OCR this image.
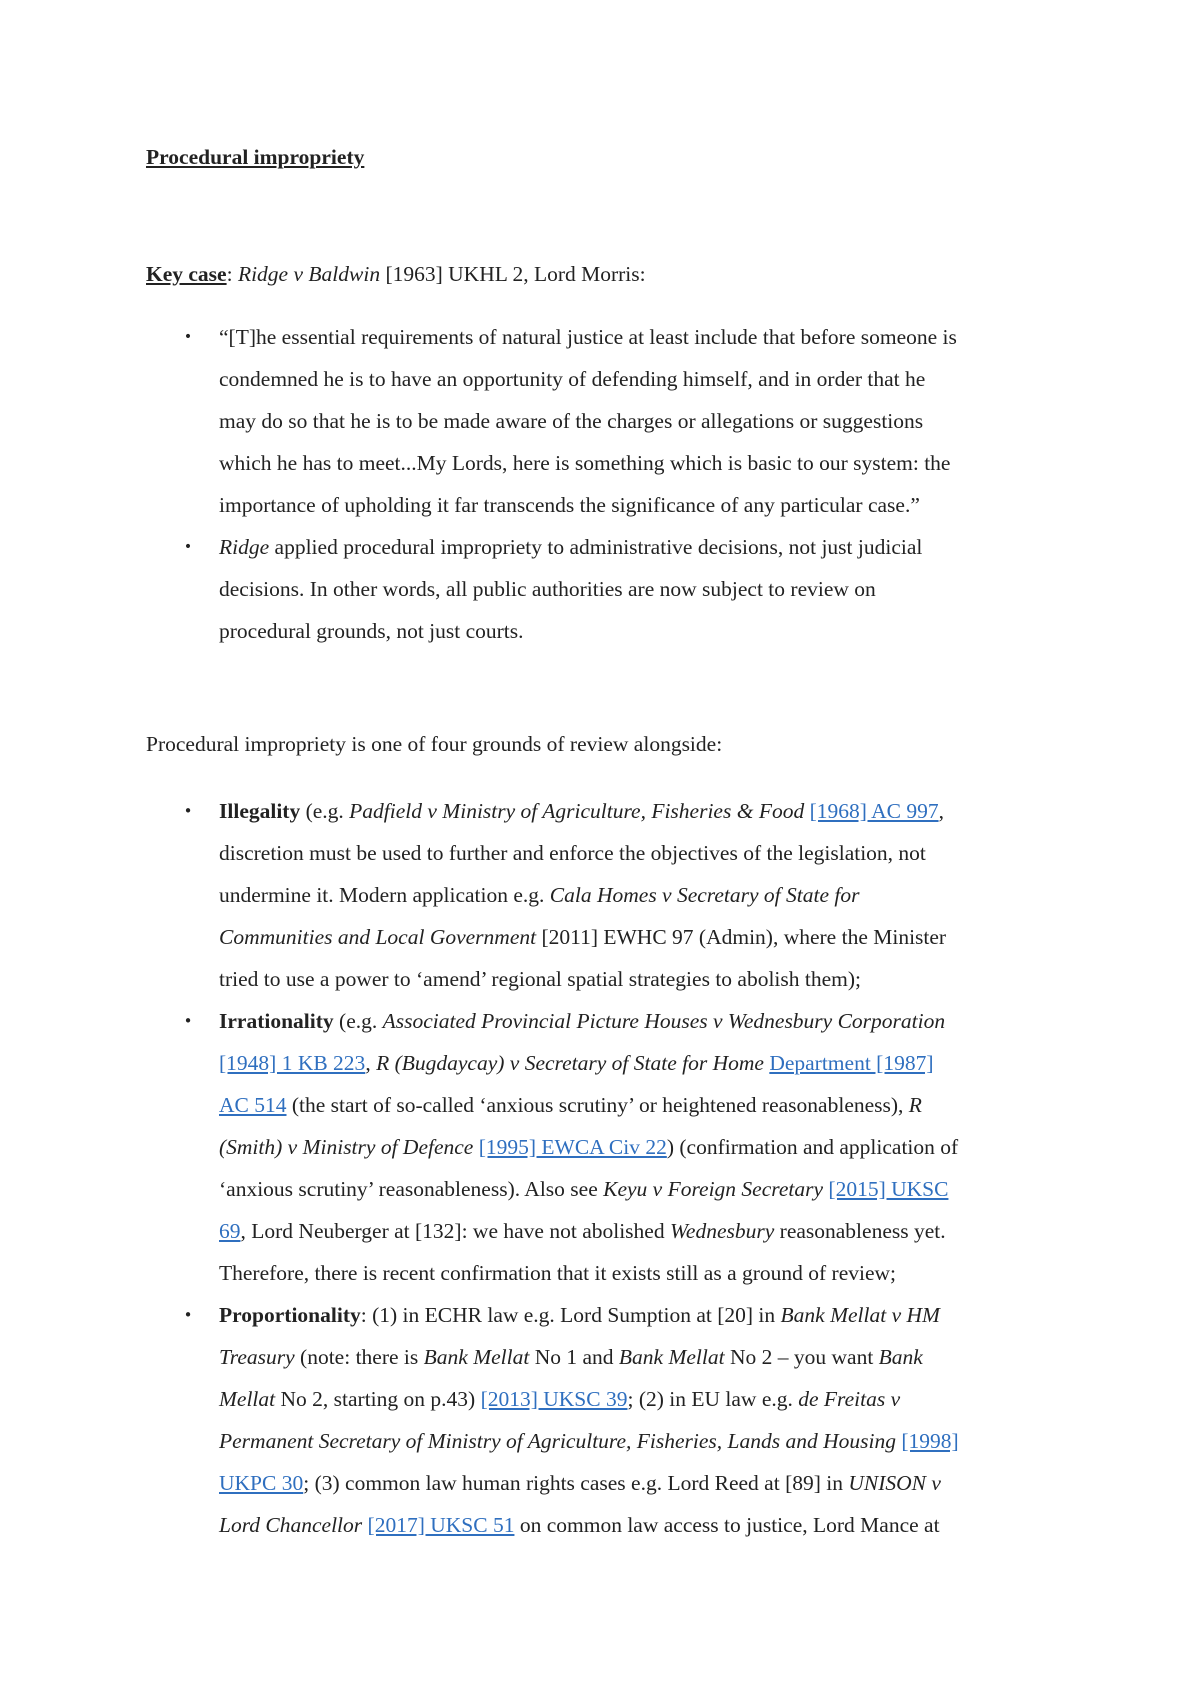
Procedural impropriety

Key case: Ridge v Baldwin [1963] UKHL 2, Lord Morris:

• “[T]he essential requirements of natural justice at least include that before someone is
condemned he is to have an opportunity of defending himself, and in order that he
may do so that he is to be made aware of the charges or allegations or suggestions
which he has to meet...My Lords, here is something which is basic to our system: the
importance of upholding it far transcends the significance of any particular case.”
• Ridge applied procedural impropriety to administrative decisions, not just judicial
decisions. In other words, all public authorities are now subject to review on
procedural grounds, not just courts.

Procedural impropriety is one of four grounds of review alongside:

• Illegality (e.g. Padfield v Ministry of Agriculture, Fisheries & Food [1968] AC 997,
discretion must be used to further and enforce the objectives of the legislation, not
undermine it. Modern application e.g. Cala Homes v Secretary of State for
Communities and Local Government [2011] EWHC 97 (Admin), where the Minister
tried to use a power to ‘amend’ regional spatial strategies to abolish them);
• Irrationality (e.g. Associated Provincial Picture Houses v Wednesbury Corporation
[1948] 1 KB 223, R (Bugdaycay) v Secretary of State for Home Department [1987]
AC 514 (the start of so-called ‘anxious scrutiny’ or heightened reasonableness), R
(Smith) v Ministry of Defence [1995] EWCA Civ 22) (confirmation and application of
‘anxious scrutiny’ reasonableness). Also see Keyu v Foreign Secretary [2015] UKSC
69, Lord Neuberger at [132]: we have not abolished Wednesbury reasonableness yet.
Therefore, there is recent confirmation that it exists still as a ground of review;
• Proportionality: (1) in ECHR law e.g. Lord Sumption at [20] in Bank Mellat v HM
Treasury (note: there is Bank Mellat No 1 and Bank Mellat No 2 – you want Bank
Mellat No 2, starting on p.43) [2013] UKSC 39; (2) in EU law e.g. de Freitas v
Permanent Secretary of Ministry of Agriculture, Fisheries, Lands and Housing [1998]
UKPC 30; (3) common law human rights cases e.g. Lord Reed at [89] in UNISON v
Lord Chancellor [2017] UKSC 51 on common law access to justice, Lord Mance at
